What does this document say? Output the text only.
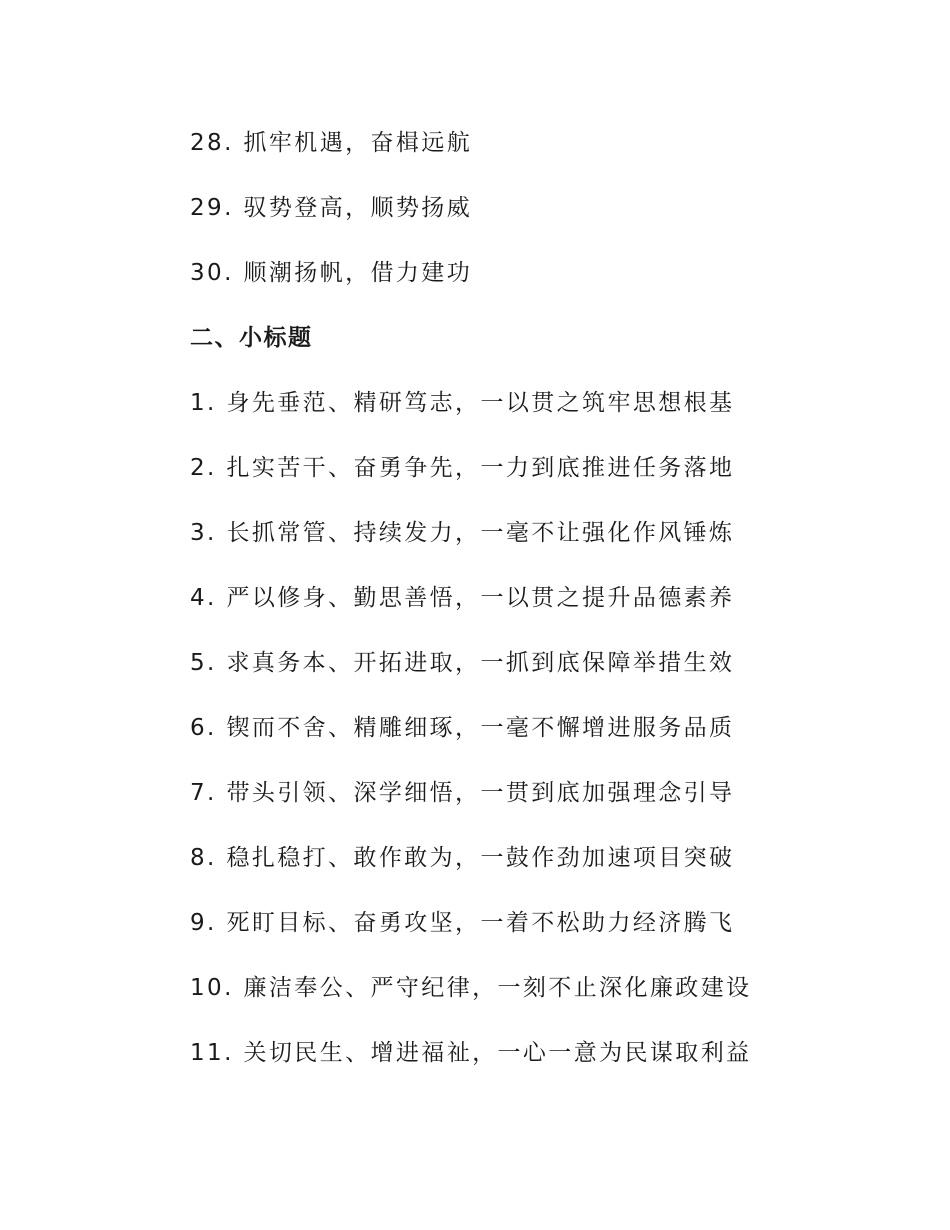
28. 抓牢机遇，奋楫远航
29. 驭势登高，顺势扬威
30. 顺潮扬帆，借力建功
二、小标题
1. 身先垂范、精研笃志，一以贯之筑牢思想根基
2. 扎实苦干、奋勇争先，一力到底推进任务落地
3. 长抓常管、持续发力，一毫不让强化作风锤炼
4. 严以修身、勤思善悟，一以贯之提升品德素养
5. 求真务本、开拓进取，一抓到底保障举措生效
6. 锲而不舍、精雕细琢，一毫不懈增进服务品质
7. 带头引领、深学细悟，一贯到底加强理念引导
8. 稳扎稳打、敢作敢为，一鼓作劲加速项目突破
9. 死盯目标、奋勇攻坚，一着不松助力经济腾飞
10. 廉洁奉公、严守纪律，一刻不止深化廉政建设
11. 关切民生、增进福祉，一心一意为民谋取利益
